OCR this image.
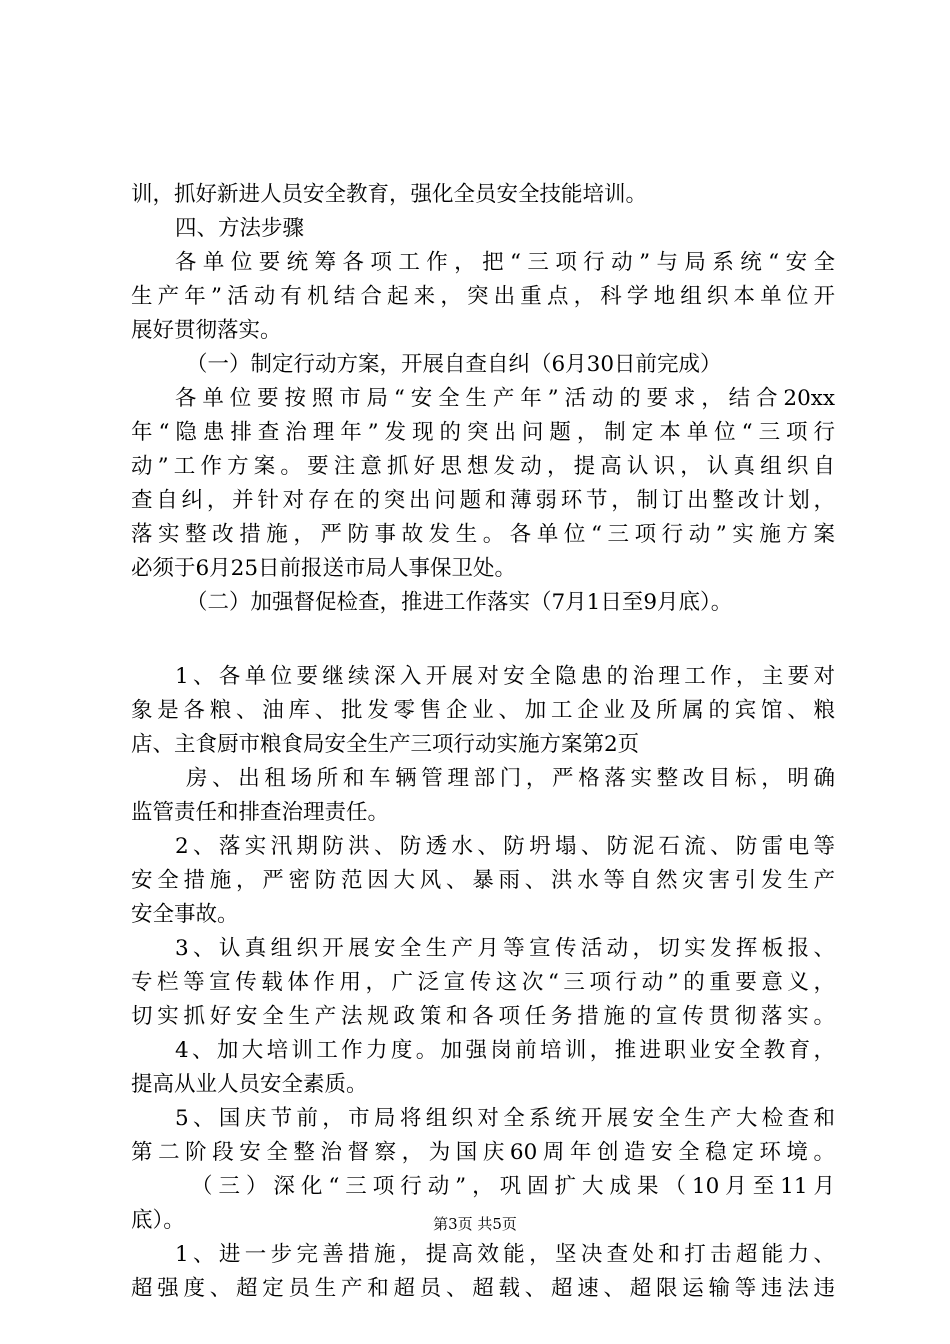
训，抓好新进人员安全教育，强化全员安全技能培训。
四、方法步骤
各单位要统筹各项工作，把“三项行动”与局系统“安全
生产年”活动有机结合起来，突出重点，科学地组织本单位开
展好贯彻落实。
（一）制定行动方案，开展自查自纠（6月30日前完成）
各单位要按照市局“安全生产年”活动的要求，结合20xx
年“隐患排查治理年”发现的突出问题，制定本单位“三项行
动”工作方案。要注意抓好思想发动，提高认识，认真组织自
查自纠，并针对存在的突出问题和薄弱环节，制订出整改计划，
落实整改措施，严防事故发生。各单位“三项行动”实施方案
必须于6月25日前报送市局人事保卫处。
（二）加强督促检查，推进工作落实（7月1日至9月底）。
1、各单位要继续深入开展对安全隐患的治理工作，主要对
象是各粮、油库、批发零售企业、加工企业及所属的宾馆、粮
店、主食厨市粮食局安全生产三项行动实施方案第2页
房、出租场所和车辆管理部门，严格落实整改目标，明确
监管责任和排查治理责任。
2、落实汛期防洪、防透水、防坍塌、防泥石流、防雷电等
安全措施，严密防范因大风、暴雨、洪水等自然灾害引发生产
安全事故。
3、认真组织开展安全生产月等宣传活动，切实发挥板报、
专栏等宣传载体作用，广泛宣传这次“三项行动”的重要意义，
切实抓好安全生产法规政策和各项任务措施的宣传贯彻落实。
4、加大培训工作力度。加强岗前培训，推进职业安全教育，
提高从业人员安全素质。
5、国庆节前，市局将组织对全系统开展安全生产大检查和
第二阶段安全整治督察，为国庆60周年创造安全稳定环境。
（三）深化“三项行动”，巩固扩大成果（10月至11月
底）。
1、进一步完善措施，提高效能，坚决查处和打击超能力、
超强度、超定员生产和超员、超载、超速、超限运输等违法违
第3页 共5页
